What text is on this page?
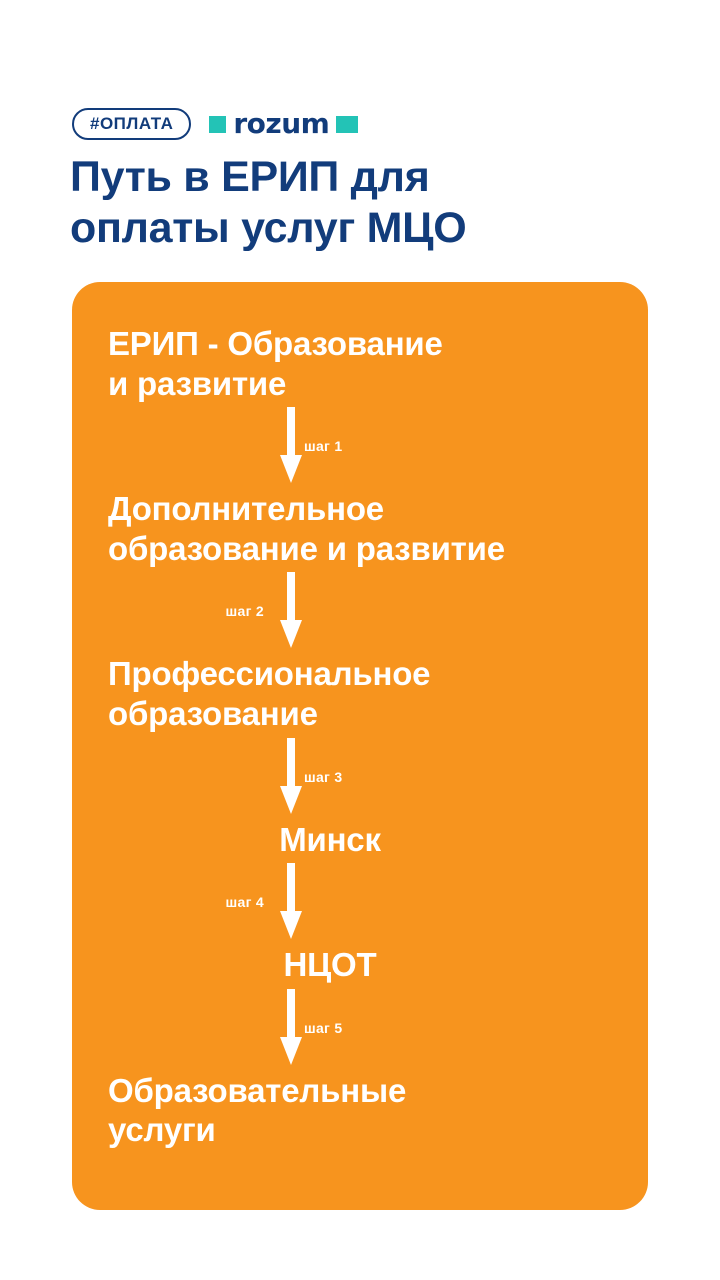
#ОПЛАТА	rozum
Путь в ЕРИП для
оплаты услуг МЦО
ЕРИП - Образование
и развитие
шаг 1
Дополнительное
образование и развитие
шаг 2
Профессиональное
образование
шаг 3
Минск
шаг 4
НЦОТ
шаг 5
Образовательные
услуги
